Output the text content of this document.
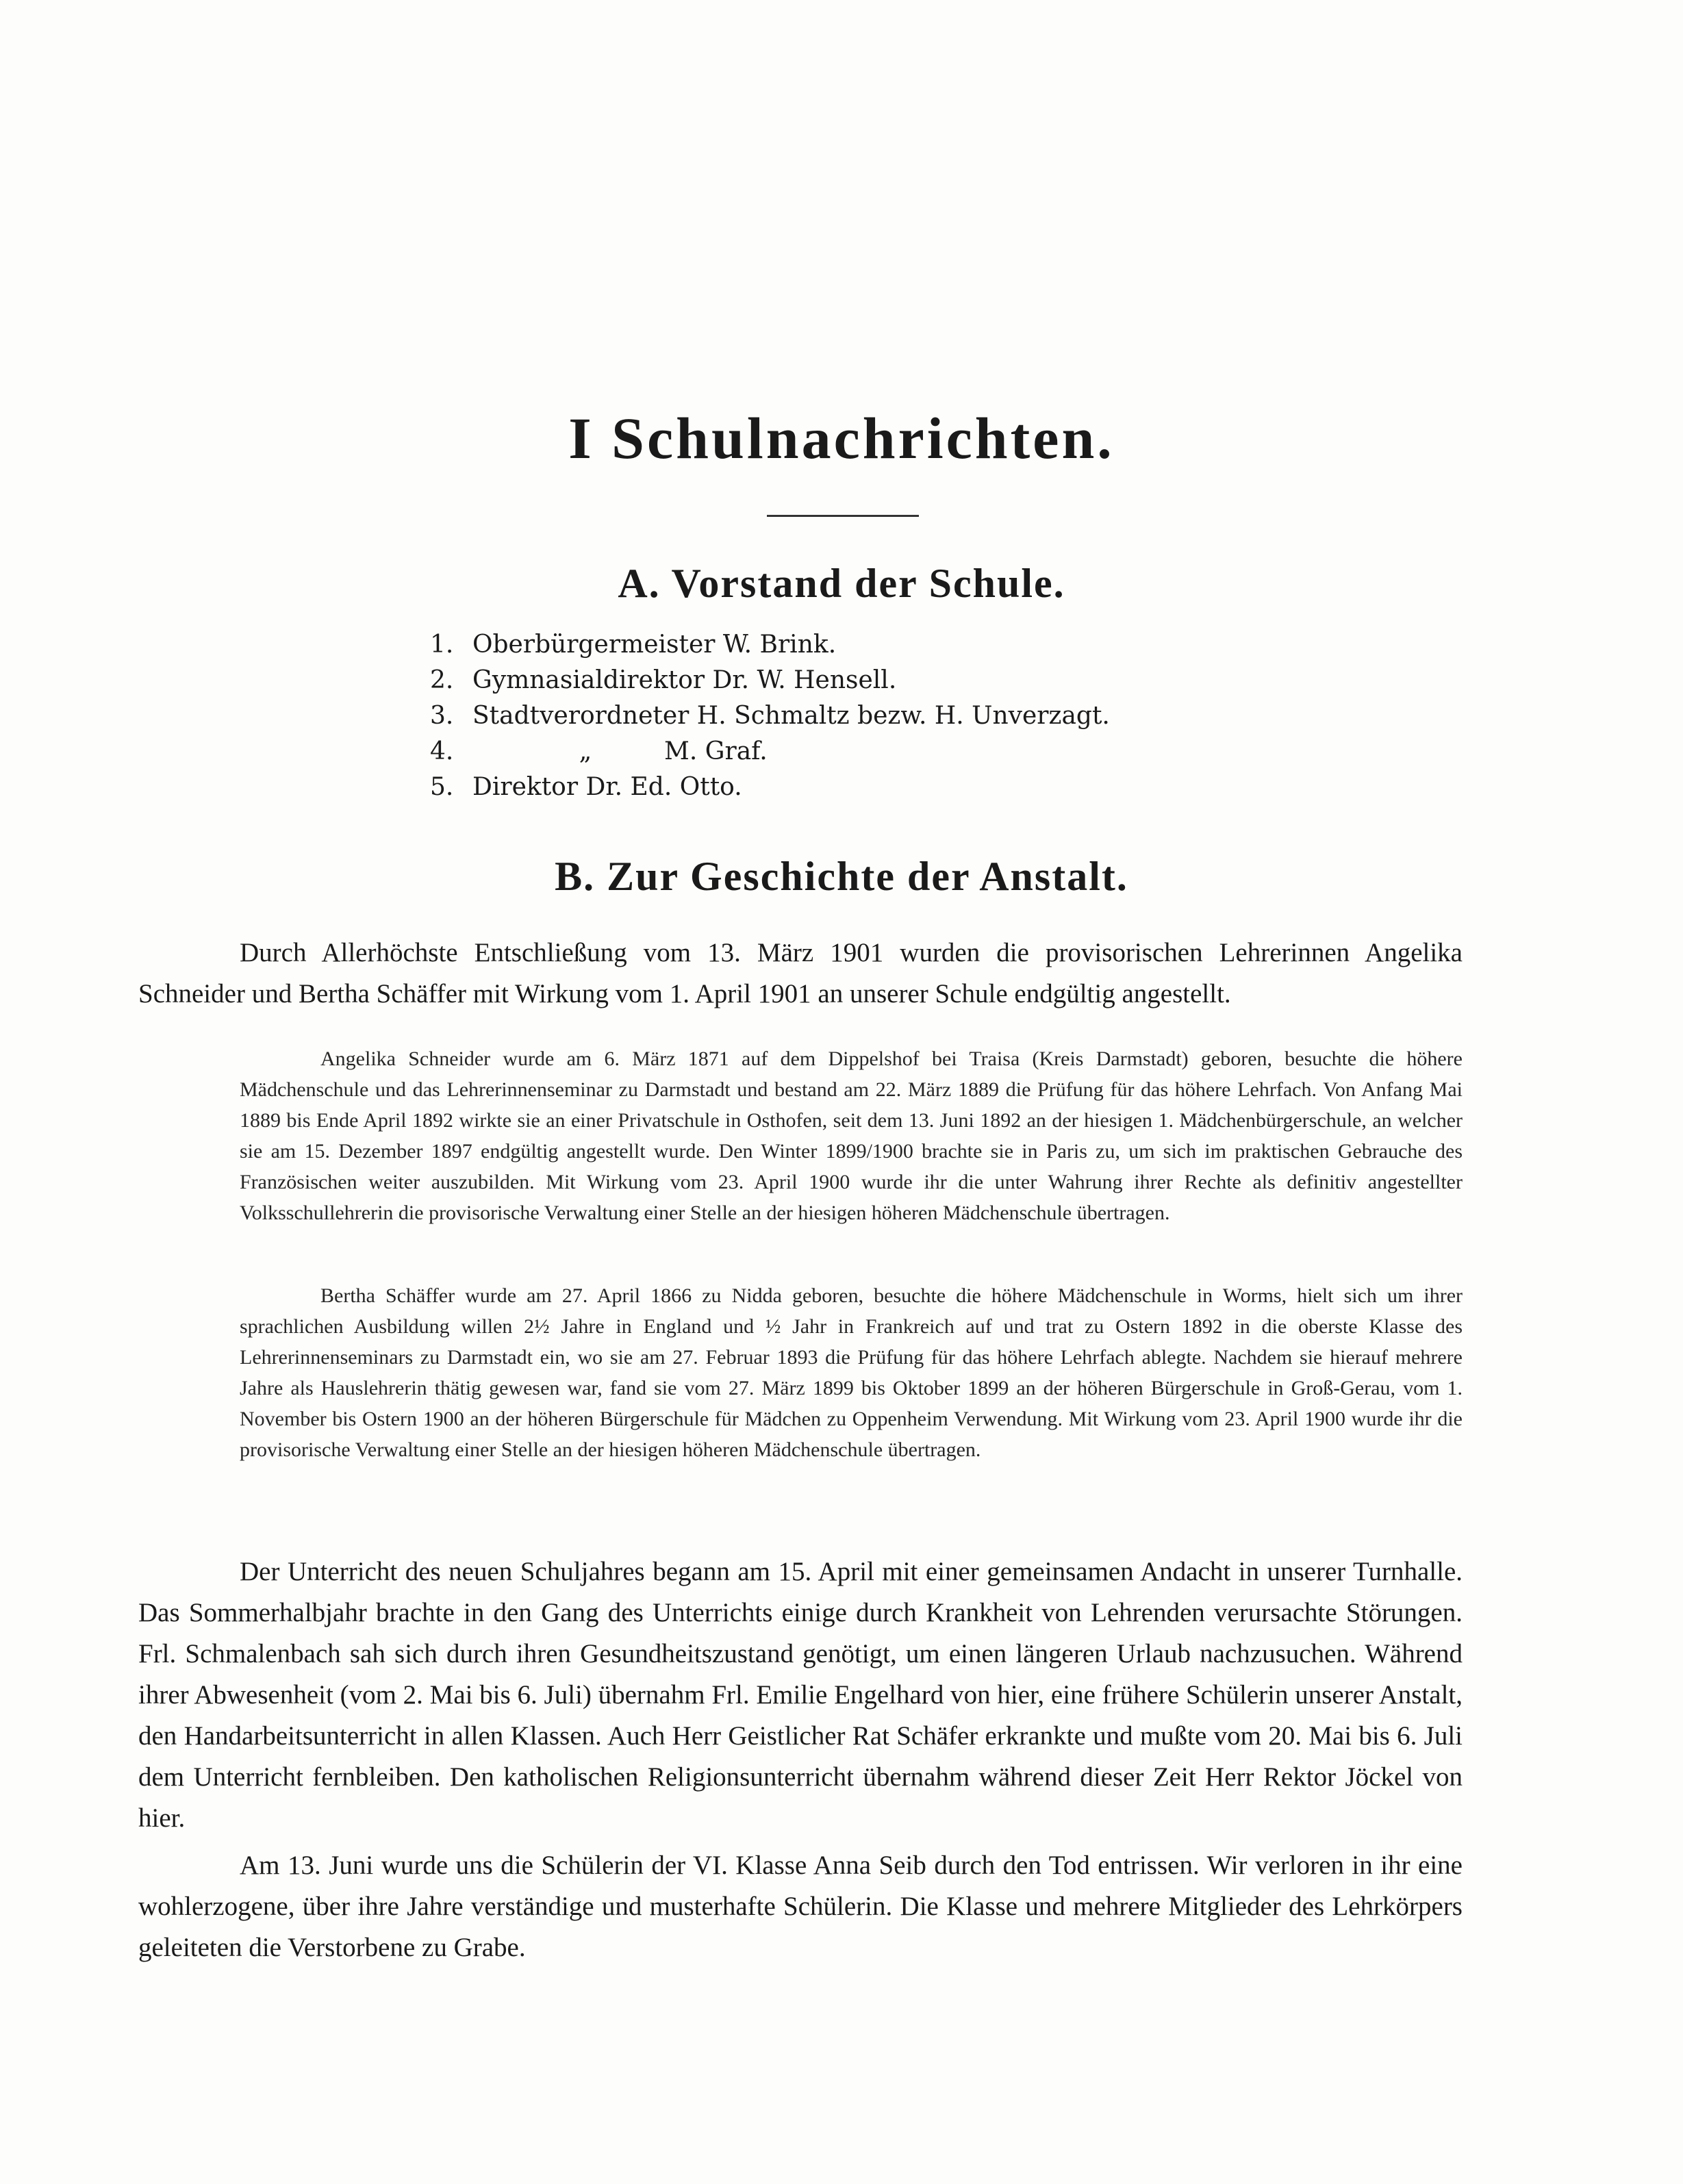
I Schulnachrichten.
A. Vorstand der Schule.
1. Oberbürgermeister W. Brink.
2. Gymnasialdirektor Dr. W. Hensell.
3. Stadtverordneter H. Schmaltz bezw. H. Unverzagt.
4.	„	M. Graf.
5. Direktor Dr. Ed. Otto.
B. Zur Geschichte der Anstalt.

Durch Allerhöchste Entschließung vom 13. März 1901 wurden die provisorischen Lehrerinnen Angelika Schneider und Bertha Schäffer mit Wirkung vom 1. April 1901 an unserer Schule endgültig angestellt.

Angelika Schneider wurde am 6. März 1871 auf dem Dippelshof bei Traisa (Kreis Darmstadt) geboren, besuchte die höhere Mädchenschule und das Lehrerinnenseminar zu Darmstadt und bestand am 22. März 1889 die Prüfung für das höhere Lehrfach. Von Anfang Mai 1889 bis Ende April 1892 wirkte sie an einer Privatschule in Osthofen, seit dem 13. Juni 1892 an der hiesigen 1. Mädchenbürgerschule, an welcher sie am 15. Dezember 1897 endgültig angestellt wurde. Den Winter 1899/1900 brachte sie in Paris zu, um sich im praktischen Gebrauche des Französischen weiter auszubilden. Mit Wirkung vom 23. April 1900 wurde ihr die unter Wahrung ihrer Rechte als definitiv angestellter Volksschullehrerin die provisorische Verwaltung einer Stelle an der hiesigen höheren Mädchenschule übertragen.

Bertha Schäffer wurde am 27. April 1866 zu Nidda geboren, besuchte die höhere Mädchenschule in Worms, hielt sich um ihrer sprachlichen Ausbildung willen 2½ Jahre in England und ½ Jahr in Frankreich auf und trat zu Ostern 1892 in die oberste Klasse des Lehrerinnenseminars zu Darmstadt ein, wo sie am 27. Februar 1893 die Prüfung für das höhere Lehrfach ablegte. Nachdem sie hierauf mehrere Jahre als Hauslehrerin thätig gewesen war, fand sie vom 27. März 1899 bis Oktober 1899 an der höheren Bürgerschule in Groß-Gerau, vom 1. November bis Ostern 1900 an der höheren Bürgerschule für Mädchen zu Oppenheim Verwendung. Mit Wirkung vom 23. April 1900 wurde ihr die provisorische Verwaltung einer Stelle an der hiesigen höheren Mädchenschule übertragen.

Der Unterricht des neuen Schuljahres begann am 15. April mit einer gemeinsamen Andacht in unserer Turnhalle. Das Sommerhalbjahr brachte in den Gang des Unterrichts einige durch Krankheit von Lehrenden verursachte Störungen. Frl. Schmalenbach sah sich durch ihren Gesundheitszustand genötigt, um einen längeren Urlaub nachzusuchen. Während ihrer Abwesenheit (vom 2. Mai bis 6. Juli) übernahm Frl. Emilie Engelhard von hier, eine frühere Schülerin unserer Anstalt, den Handarbeitsunterricht in allen Klassen. Auch Herr Geistlicher Rat Schäfer erkrankte und mußte vom 20. Mai bis 6. Juli dem Unterricht fernbleiben. Den katholischen Religionsunterricht übernahm während dieser Zeit Herr Rektor Jöckel von hier.

Am 13. Juni wurde uns die Schülerin der VI. Klasse Anna Seib durch den Tod entrissen. Wir verloren in ihr eine wohlerzogene, über ihre Jahre verständige und musterhafte Schülerin. Die Klasse und mehrere Mitglieder des Lehrkörpers geleiteten die Verstorbene zu Grabe.
